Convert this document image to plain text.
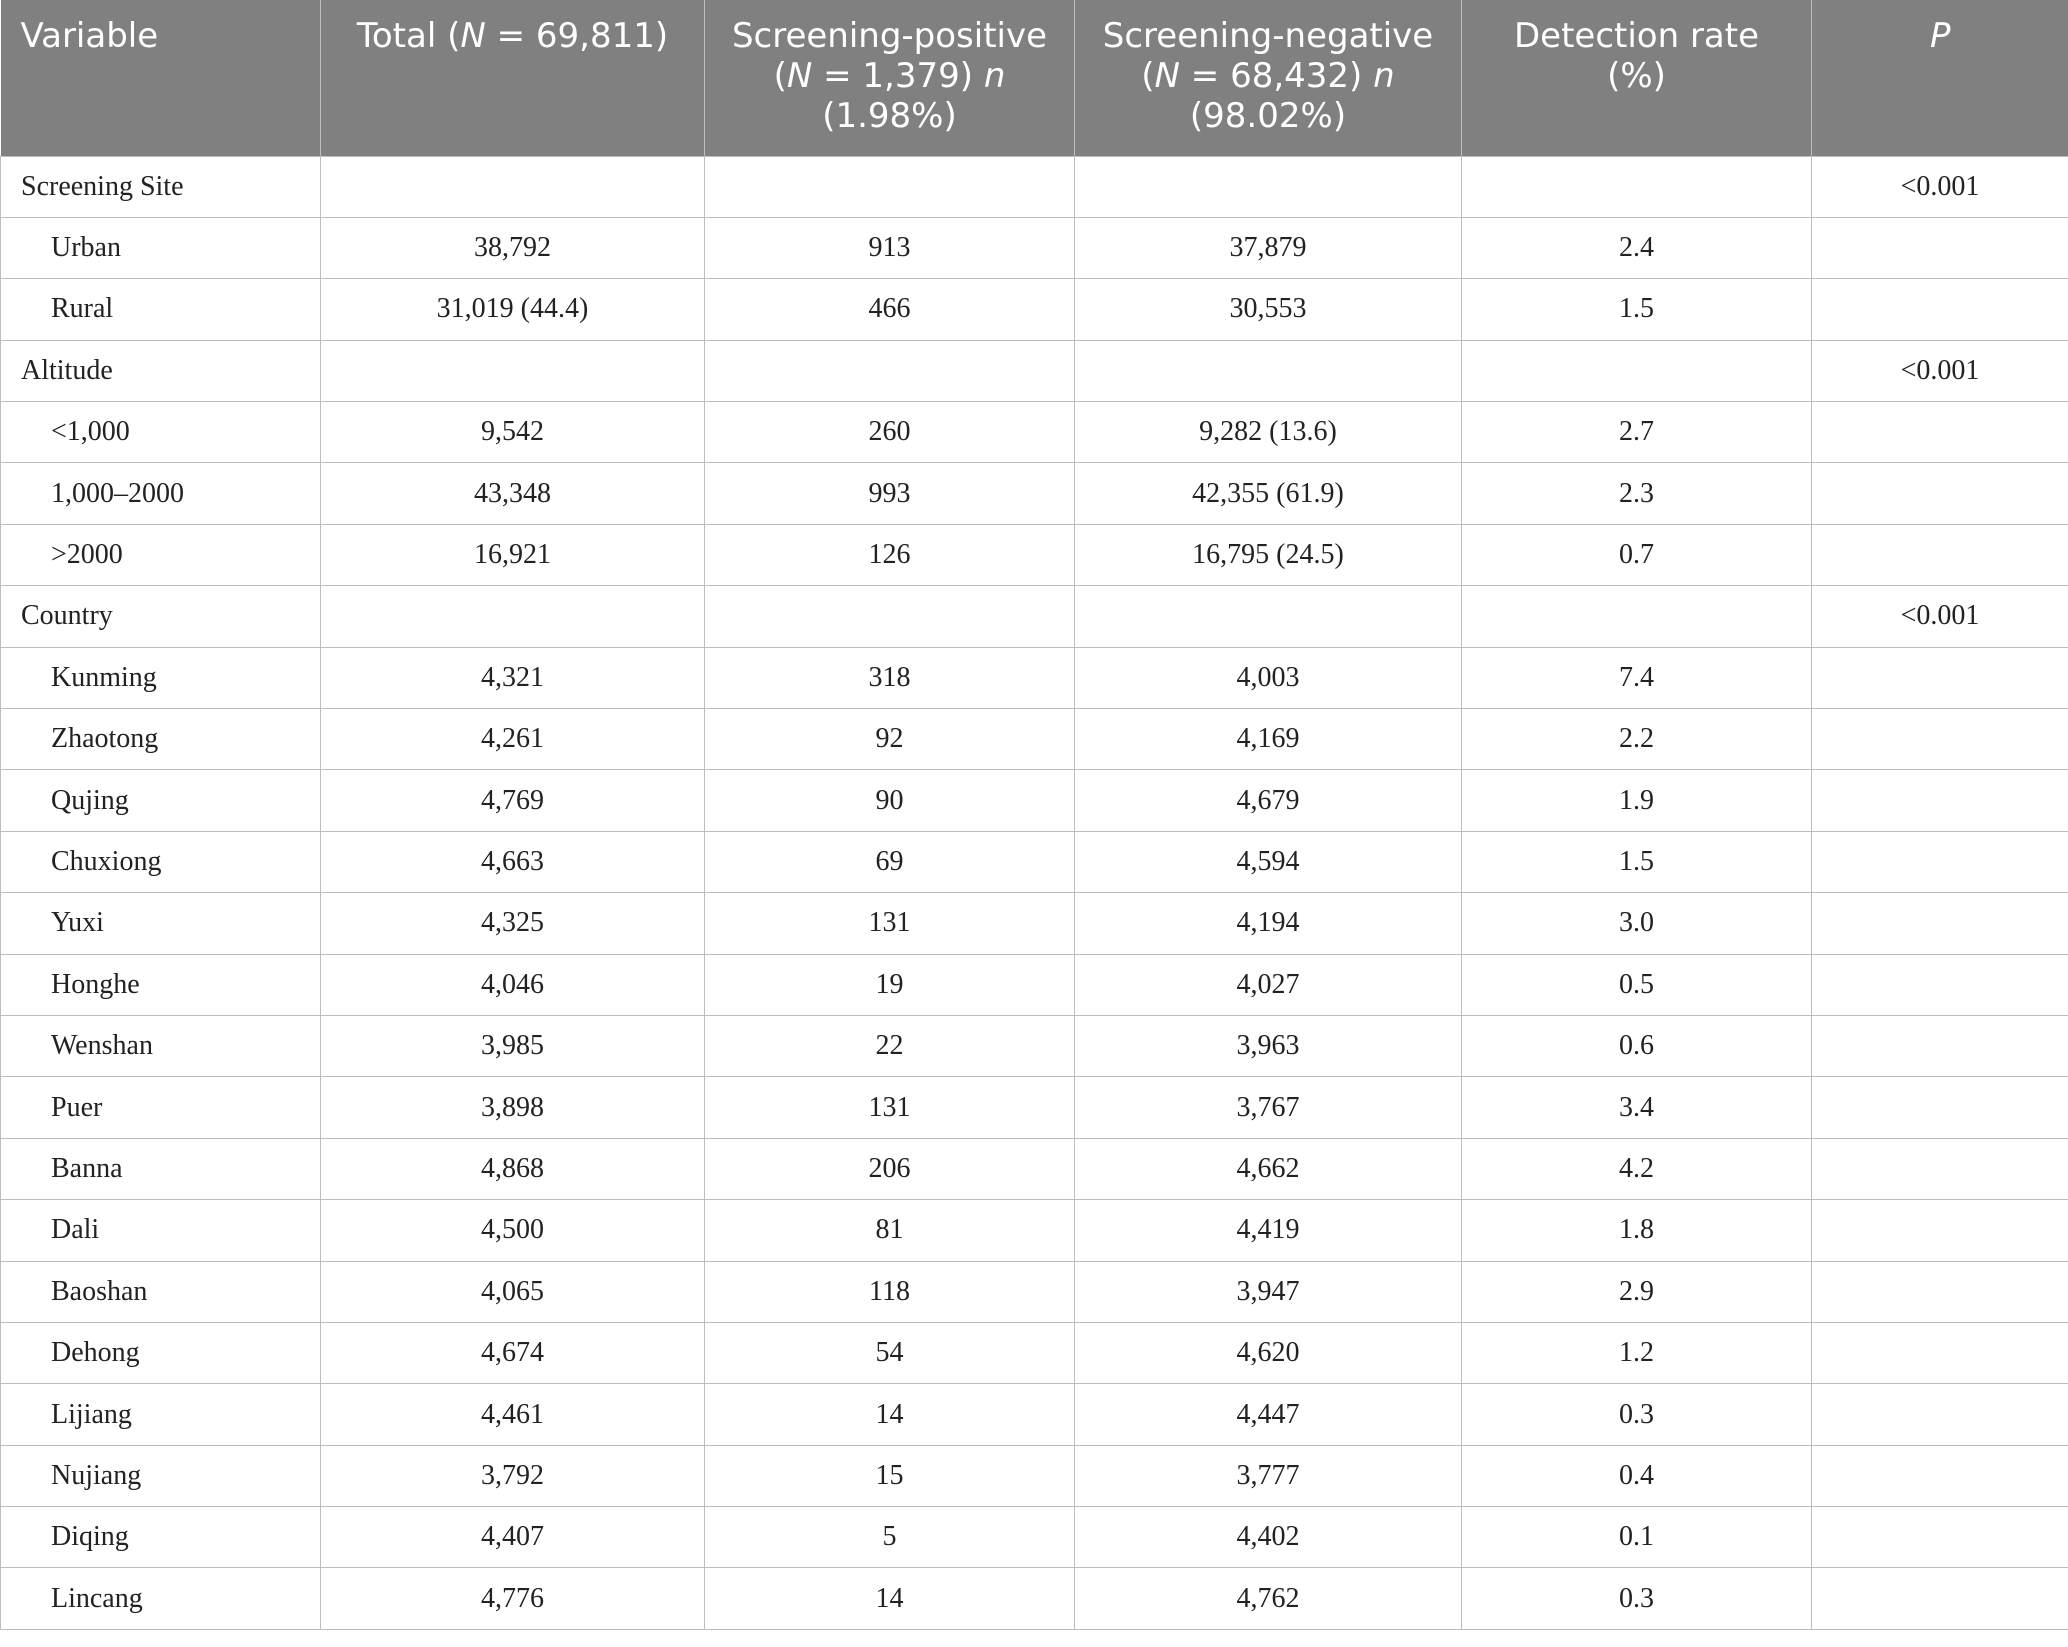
Variable	Total (N = 69,811)	Screening-positive
(N = 1,379) n
(1.98%)	Screening-negative
(N = 68,432) n
(98.02%)	Detection rate
(%)	P
Screening Site					<0.001
Urban	38,792	913	37,879	2.4	
Rural	31,019 (44.4)	466	30,553	1.5	
Altitude					<0.001
<1,000	9,542	260	9,282 (13.6)	2.7	
1,000–2000	43,348	993	42,355 (61.9)	2.3	
>2000	16,921	126	16,795 (24.5)	0.7	
Country					<0.001
Kunming	4,321	318	4,003	7.4	
Zhaotong	4,261	92	4,169	2.2	
Qujing	4,769	90	4,679	1.9	
Chuxiong	4,663	69	4,594	1.5	
Yuxi	4,325	131	4,194	3.0	
Honghe	4,046	19	4,027	0.5	
Wenshan	3,985	22	3,963	0.6	
Puer	3,898	131	3,767	3.4	
Banna	4,868	206	4,662	4.2	
Dali	4,500	81	4,419	1.8	
Baoshan	4,065	118	3,947	2.9	
Dehong	4,674	54	4,620	1.2	
Lijiang	4,461	14	4,447	0.3	
Nujiang	3,792	15	3,777	0.4	
Diqing	4,407	5	4,402	0.1	
Lincang	4,776	14	4,762	0.3	
